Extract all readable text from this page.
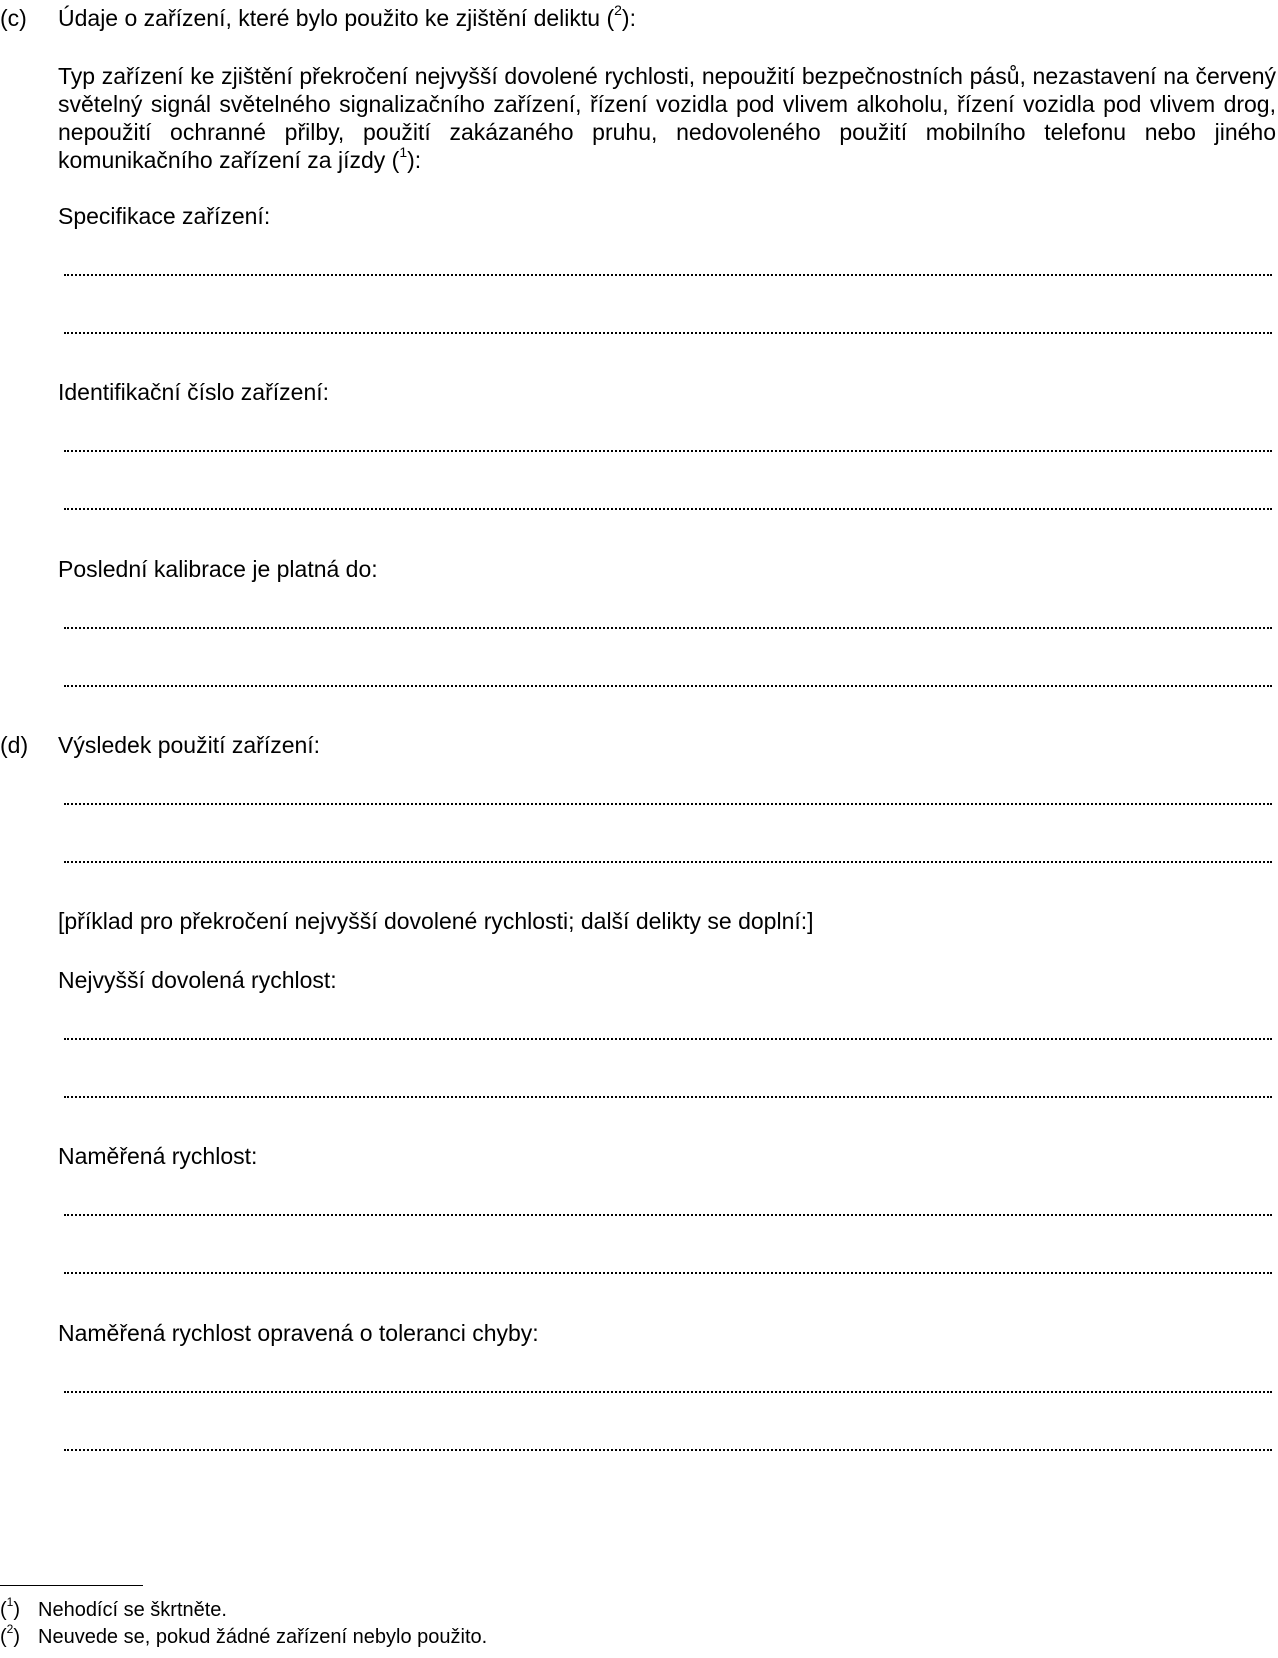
(c) Údaje o zařízení, které bylo použito ke zjištění deliktu ($^2$):
Typ zařízení ke zjištění překročení nejvyšší dovolené rychlosti, nepoužití bezpečnostních pásů, nezastavení na červený světelný signál světelného signalizačního zařízení, řízení vozidla pod vlivem alkoholu, řízení vozidla pod vlivem drog, nepoužití ochranné přilby, použití zakázaného pruhu, nedovoleného použití mobilního telefonu nebo jiného komunikačního zařízení za jízdy ($^1$):
Specifikace zařízení:
Identifikační číslo zařízení:
Poslední kalibrace je platná do:
(d) Výsledek použití zařízení:
[příklad pro překročení nejvyšší dovolené rychlosti; další delikty se doplní:]
Nejvyšší dovolená rychlost:
Naměřená rychlost:
Naměřená rychlost opravená o toleranci chyby:
($^1$) Nehodící se škrtněte.
($^2$) Neuvede se, pokud žádné zařízení nebylo použito.
